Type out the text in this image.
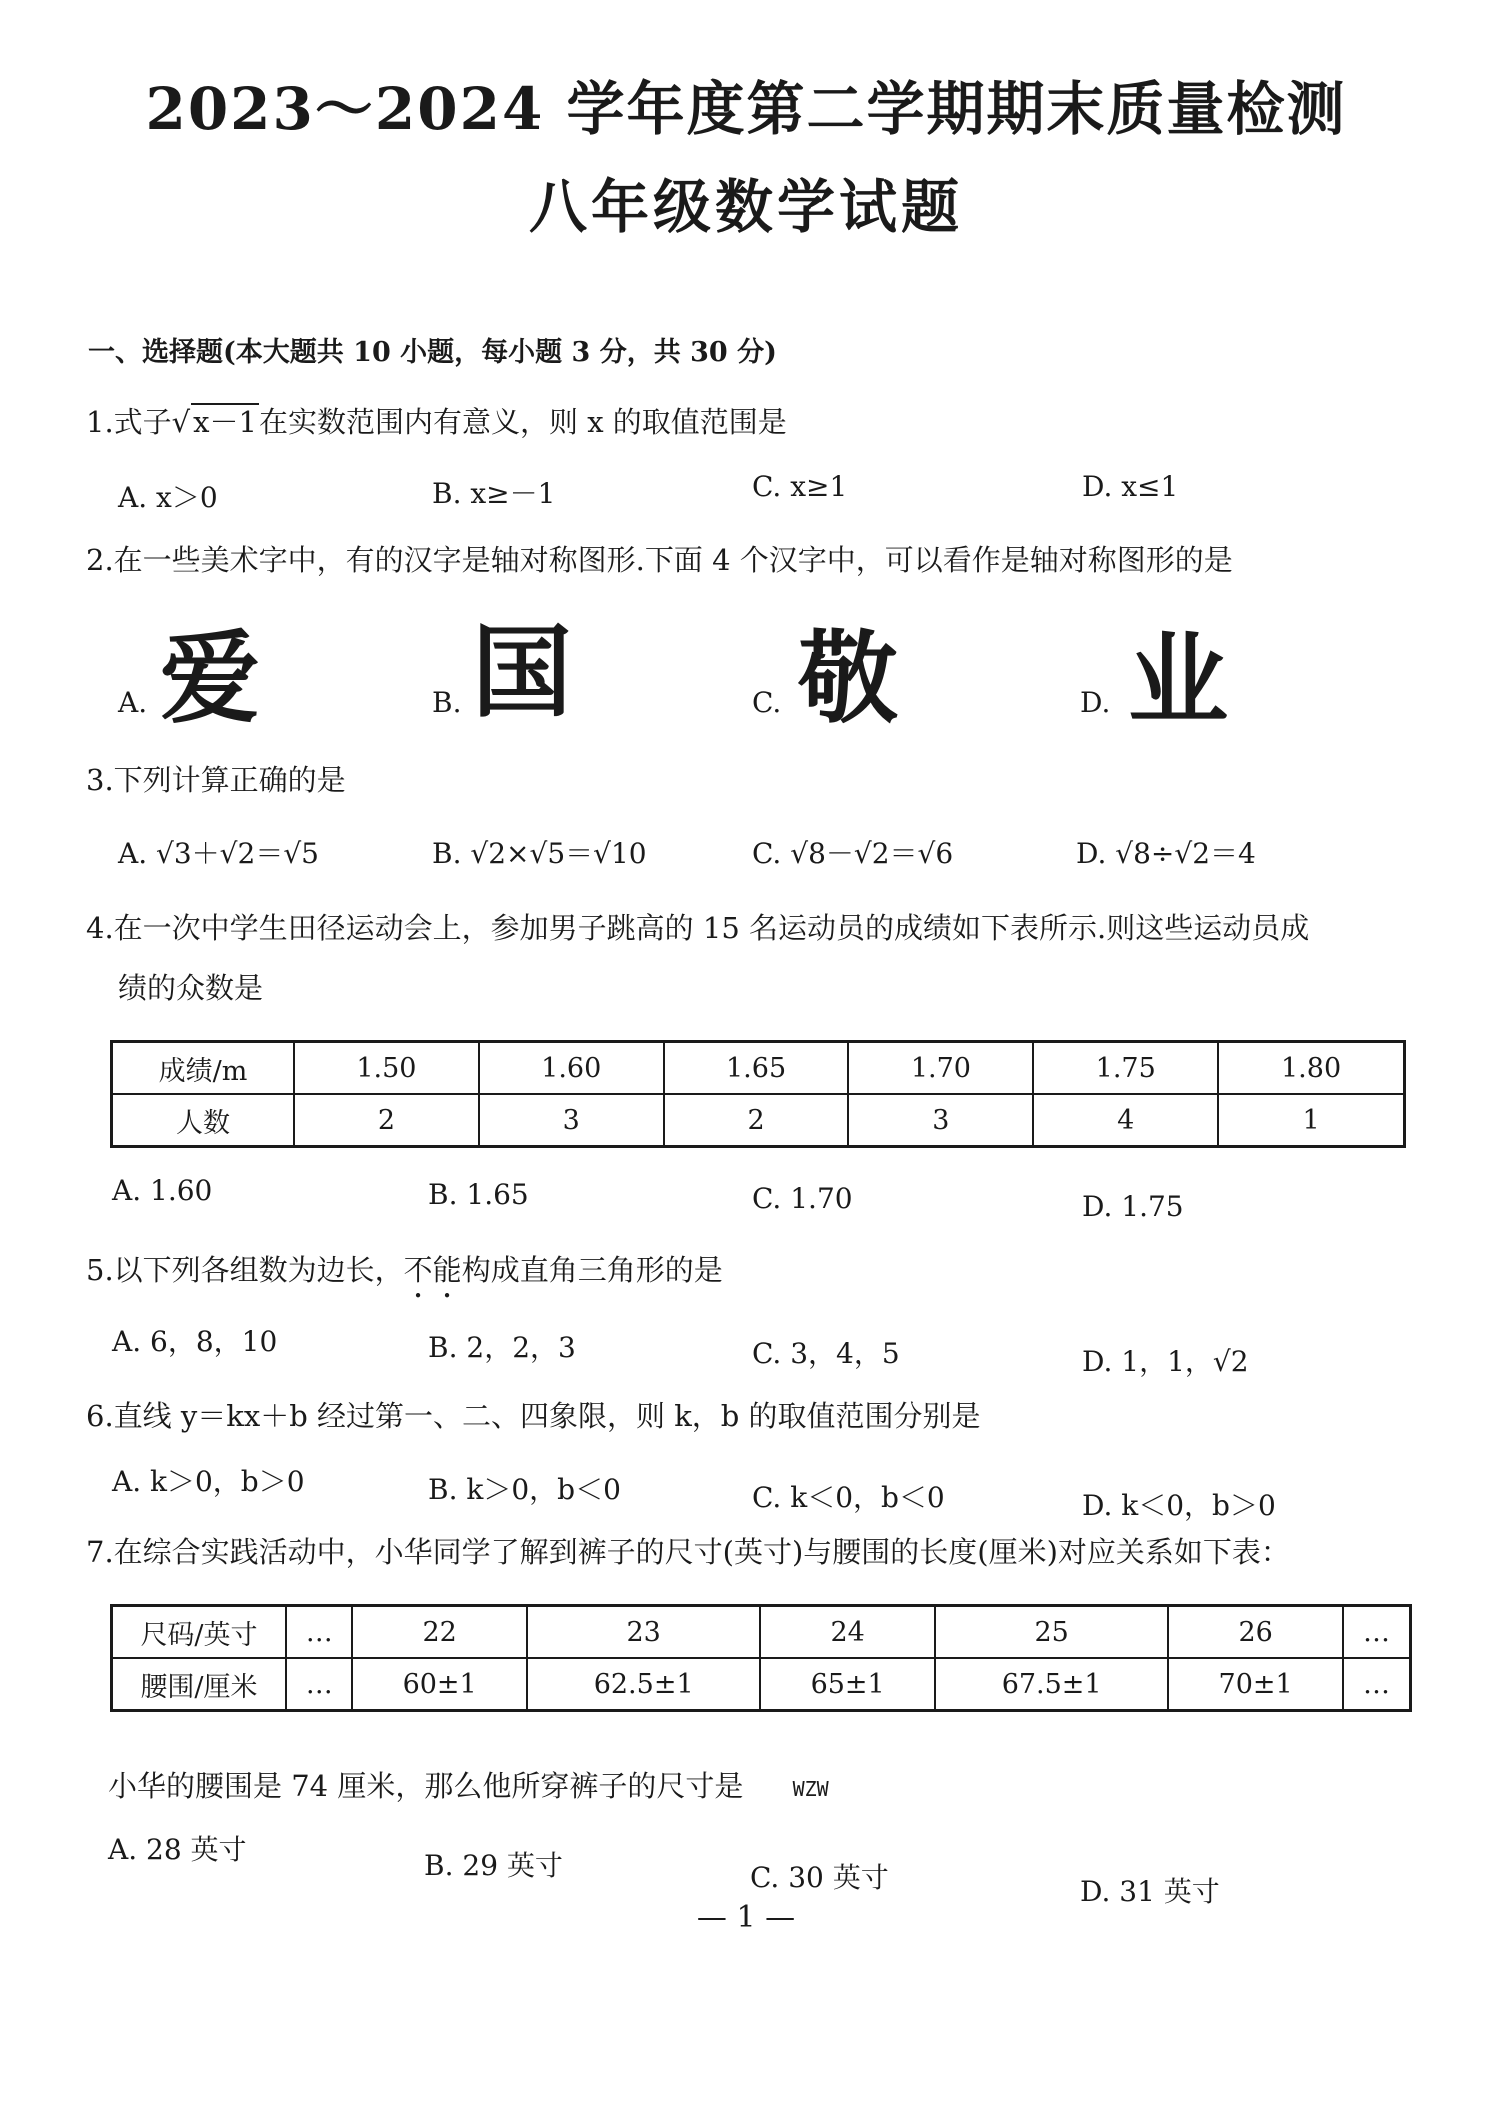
2023～2024 学年度第二学期期末质量检测
八年级数学试题
一、选择题(本大题共 10 小题，每小题 3 分，共 30 分)
1.式子 √ x－1在实数范围内有意义，则 x 的取值范围是
A. x＞0	B. x≥－1	C. x≥1	D. x≤1
2.在一些美术字中，有的汉字是轴对称图形.下面 4 个汉字中，可以看作是轴对称图形的是
A. 爱	B. 国	C. 敬	D. 业
3.下列计算正确的是
A. √3＋√2＝√5	B. √2×√5＝√10	C. √8－√2＝√6	D. √8÷√2＝4
4.在一次中学生田径运动会上，参加男子跳高的 15 名运动员的成绩如下表所示.则这些运动员成
绩的众数是
成绩/m	1.50	1.60	1.65	1.70	1.75	1.80
人数	2	3	2	3	4	1
A. 1.60	B. 1.65	C. 1.70	D. 1.75
5.以下列各组数为边长，不能构成直角三角形的是
A. 6，8，10	B. 2，2，3	C. 3，4，5	D. 1，1，√2
6.直线 y＝kx＋b 经过第一、二、四象限，则 k，b 的取值范围分别是
A. k＞0，b＞0	B. k＞0，b＜0	C. k＜0，b＜0	D. k＜0，b＞0
7.在综合实践活动中，小华同学了解到裤子的尺寸(英寸)与腰围的长度(厘米)对应关系如下表：
尺码/英寸	…	22	23	24	25	26	…
腰围/厘米	…	60±1	62.5±1	65±1	67.5±1	70±1	…
小华的腰围是 74 厘米，那么他所穿裤子的尺寸是 WZW
A. 28 英寸	B. 29 英寸	C. 30 英寸	D. 31 英寸
— 1 —
